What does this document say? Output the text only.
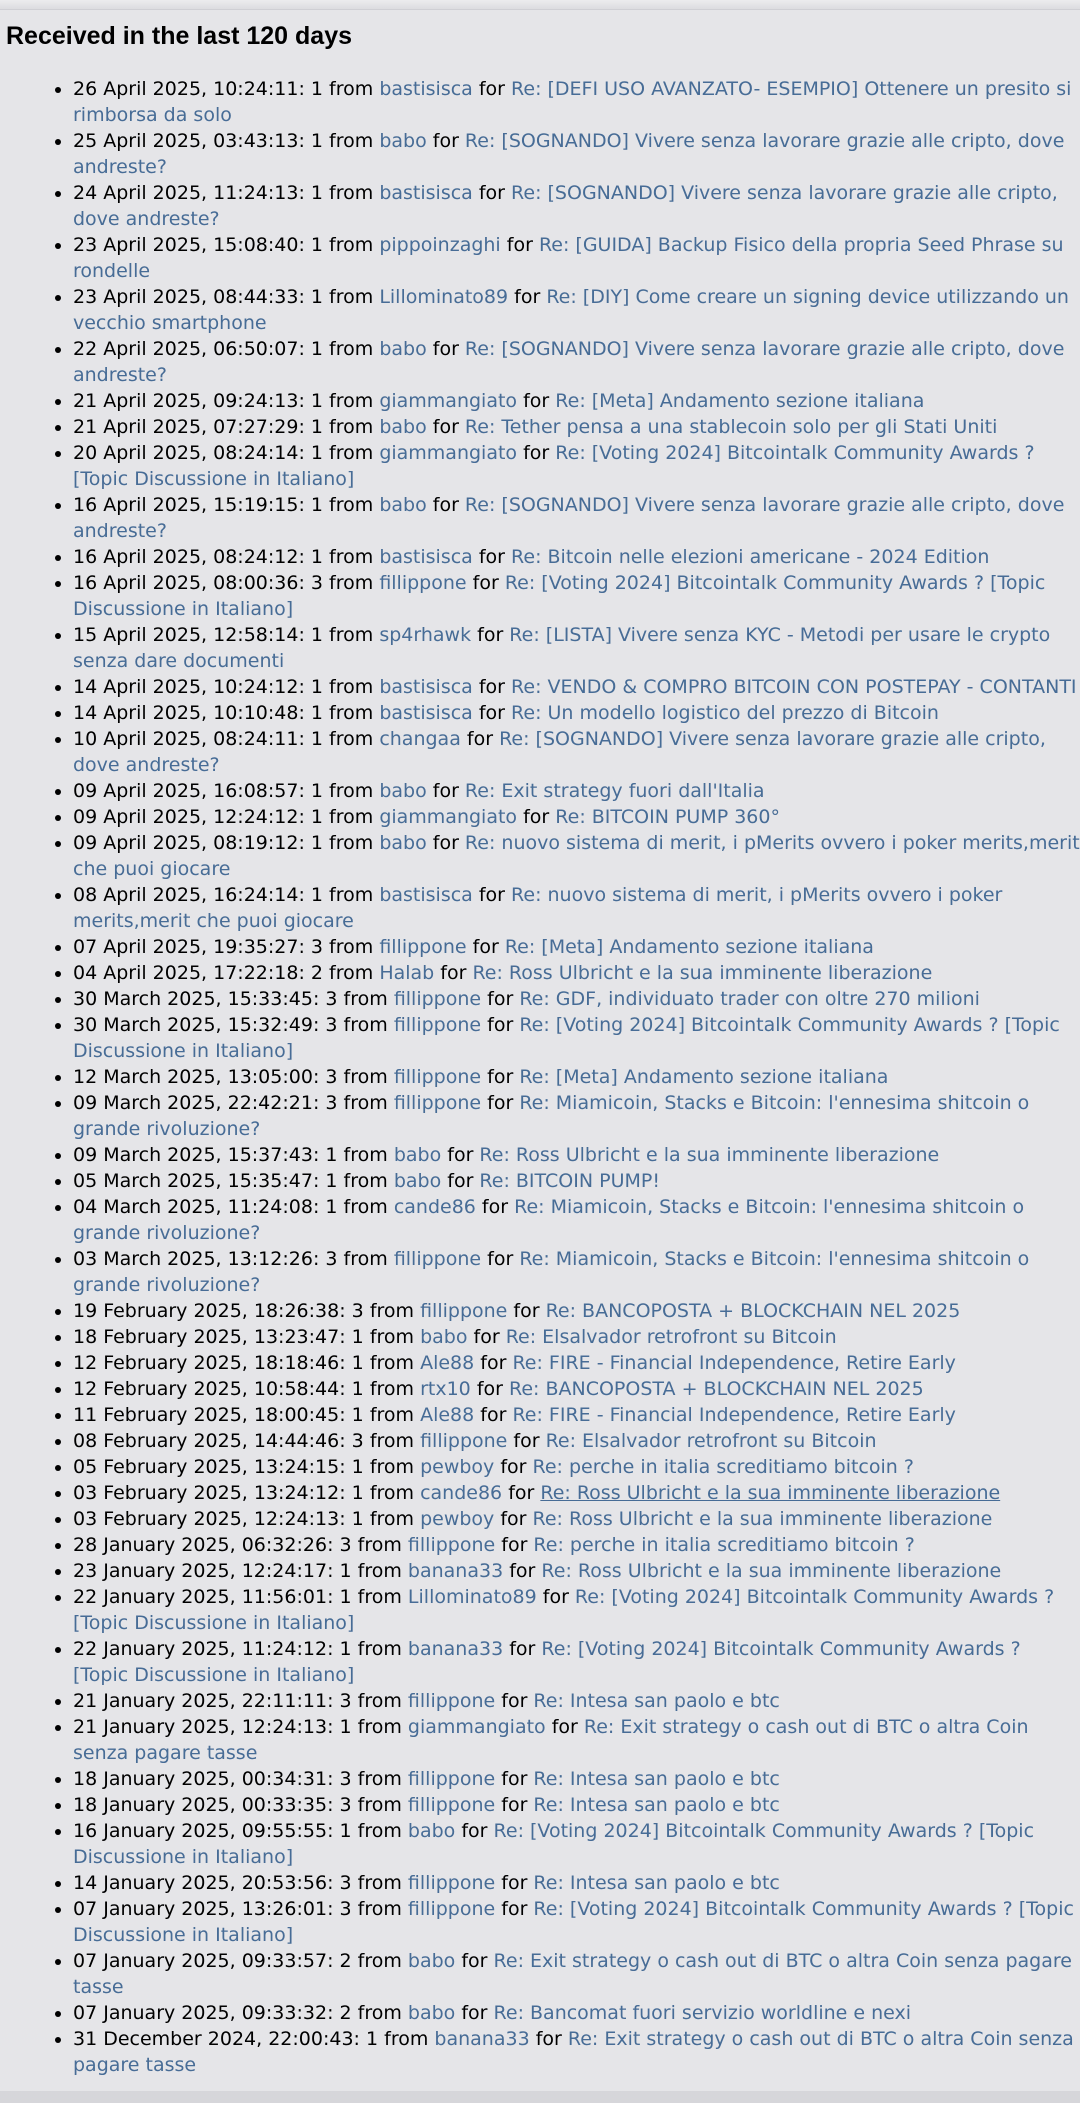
Received in the last 120 days
• 26 April 2025, 10:24:11: 1 from bastisisca for Re: [DEFI USO AVANZATO- ESEMPIO] Ottenere un presito si rimborsa da solo
• 25 April 2025, 03:43:13: 1 from babo for Re: [SOGNANDO] Vivere senza lavorare grazie alle cripto, dove andreste?
• 24 April 2025, 11:24:13: 1 from bastisisca for Re: [SOGNANDO] Vivere senza lavorare grazie alle cripto, dove andreste?
• 23 April 2025, 15:08:40: 1 from pippoinzaghi for Re: [GUIDA] Backup Fisico della propria Seed Phrase su rondelle
• 23 April 2025, 08:44:33: 1 from Lillominato89 for Re: [DIY] Come creare un signing device utilizzando un vecchio smartphone
• 22 April 2025, 06:50:07: 1 from babo for Re: [SOGNANDO] Vivere senza lavorare grazie alle cripto, dove andreste?
• 21 April 2025, 09:24:13: 1 from giammangiato for Re: [Meta] Andamento sezione italiana
• 21 April 2025, 07:27:29: 1 from babo for Re: Tether pensa a una stablecoin solo per gli Stati Uniti
• 20 April 2025, 08:24:14: 1 from giammangiato for Re: [Voting 2024] Bitcointalk Community Awards ? [Topic Discussione in Italiano]
• 16 April 2025, 15:19:15: 1 from babo for Re: [SOGNANDO] Vivere senza lavorare grazie alle cripto, dove andreste?
• 16 April 2025, 08:24:12: 1 from bastisisca for Re: Bitcoin nelle elezioni americane - 2024 Edition
• 16 April 2025, 08:00:36: 3 from fillippone for Re: [Voting 2024] Bitcointalk Community Awards ? [Topic Discussione in Italiano]
• 15 April 2025, 12:58:14: 1 from sp4rhawk for Re: [LISTA] Vivere senza KYC - Metodi per usare le crypto senza dare documenti
• 14 April 2025, 10:24:12: 1 from bastisisca for Re: VENDO & COMPRO BITCOIN CON POSTEPAY - CONTANTI
• 14 April 2025, 10:10:48: 1 from bastisisca for Re: Un modello logistico del prezzo di Bitcoin
• 10 April 2025, 08:24:11: 1 from changaa for Re: [SOGNANDO] Vivere senza lavorare grazie alle cripto, dove andreste?
• 09 April 2025, 16:08:57: 1 from babo for Re: Exit strategy fuori dall'Italia
• 09 April 2025, 12:24:12: 1 from giammangiato for Re: BITCOIN PUMP 360°
• 09 April 2025, 08:19:12: 1 from babo for Re: nuovo sistema di merit, i pMerits ovvero i poker merits,merit che puoi giocare
• 08 April 2025, 16:24:14: 1 from bastisisca for Re: nuovo sistema di merit, i pMerits ovvero i poker merits,merit che puoi giocare
• 07 April 2025, 19:35:27: 3 from fillippone for Re: [Meta] Andamento sezione italiana
• 04 April 2025, 17:22:18: 2 from Halab for Re: Ross Ulbricht e la sua imminente liberazione
• 30 March 2025, 15:33:45: 3 from fillippone for Re: GDF, individuato trader con oltre 270 milioni
• 30 March 2025, 15:32:49: 3 from fillippone for Re: [Voting 2024] Bitcointalk Community Awards ? [Topic Discussione in Italiano]
• 12 March 2025, 13:05:00: 3 from fillippone for Re: [Meta] Andamento sezione italiana
• 09 March 2025, 22:42:21: 3 from fillippone for Re: Miamicoin, Stacks e Bitcoin: l'ennesima shitcoin o grande rivoluzione?
• 09 March 2025, 15:37:43: 1 from babo for Re: Ross Ulbricht e la sua imminente liberazione
• 05 March 2025, 15:35:47: 1 from babo for Re: BITCOIN PUMP!
• 04 March 2025, 11:24:08: 1 from cande86 for Re: Miamicoin, Stacks e Bitcoin: l'ennesima shitcoin o grande rivoluzione?
• 03 March 2025, 13:12:26: 3 from fillippone for Re: Miamicoin, Stacks e Bitcoin: l'ennesima shitcoin o grande rivoluzione?
• 19 February 2025, 18:26:38: 3 from fillippone for Re: BANCOPOSTA + BLOCKCHAIN NEL 2025
• 18 February 2025, 13:23:47: 1 from babo for Re: Elsalvador retrofront su Bitcoin
• 12 February 2025, 18:18:46: 1 from Ale88 for Re: FIRE - Financial Independence, Retire Early
• 12 February 2025, 10:58:44: 1 from rtx10 for Re: BANCOPOSTA + BLOCKCHAIN NEL 2025
• 11 February 2025, 18:00:45: 1 from Ale88 for Re: FIRE - Financial Independence, Retire Early
• 08 February 2025, 14:44:46: 3 from fillippone for Re: Elsalvador retrofront su Bitcoin
• 05 February 2025, 13:24:15: 1 from pewboy for Re: perche in italia screditiamo bitcoin ?
• 03 February 2025, 13:24:12: 1 from cande86 for Re: Ross Ulbricht e la sua imminente liberazione
• 03 February 2025, 12:24:13: 1 from pewboy for Re: Ross Ulbricht e la sua imminente liberazione
• 28 January 2025, 06:32:26: 3 from fillippone for Re: perche in italia screditiamo bitcoin ?
• 23 January 2025, 12:24:17: 1 from banana33 for Re: Ross Ulbricht e la sua imminente liberazione
• 22 January 2025, 11:56:01: 1 from Lillominato89 for Re: [Voting 2024] Bitcointalk Community Awards ? [Topic Discussione in Italiano]
• 22 January 2025, 11:24:12: 1 from banana33 for Re: [Voting 2024] Bitcointalk Community Awards ? [Topic Discussione in Italiano]
• 21 January 2025, 22:11:11: 3 from fillippone for Re: Intesa san paolo e btc
• 21 January 2025, 12:24:13: 1 from giammangiato for Re: Exit strategy o cash out di BTC o altra Coin senza pagare tasse
• 18 January 2025, 00:34:31: 3 from fillippone for Re: Intesa san paolo e btc
• 18 January 2025, 00:33:35: 3 from fillippone for Re: Intesa san paolo e btc
• 16 January 2025, 09:55:55: 1 from babo for Re: [Voting 2024] Bitcointalk Community Awards ? [Topic Discussione in Italiano]
• 14 January 2025, 20:53:56: 3 from fillippone for Re: Intesa san paolo e btc
• 07 January 2025, 13:26:01: 3 from fillippone for Re: [Voting 2024] Bitcointalk Community Awards ? [Topic Discussione in Italiano]
• 07 January 2025, 09:33:57: 2 from babo for Re: Exit strategy o cash out di BTC o altra Coin senza pagare tasse
• 07 January 2025, 09:33:32: 2 from babo for Re: Bancomat fuori servizio worldline e nexi
• 31 December 2024, 22:00:43: 1 from banana33 for Re: Exit strategy o cash out di BTC o altra Coin senza pagare tasse
